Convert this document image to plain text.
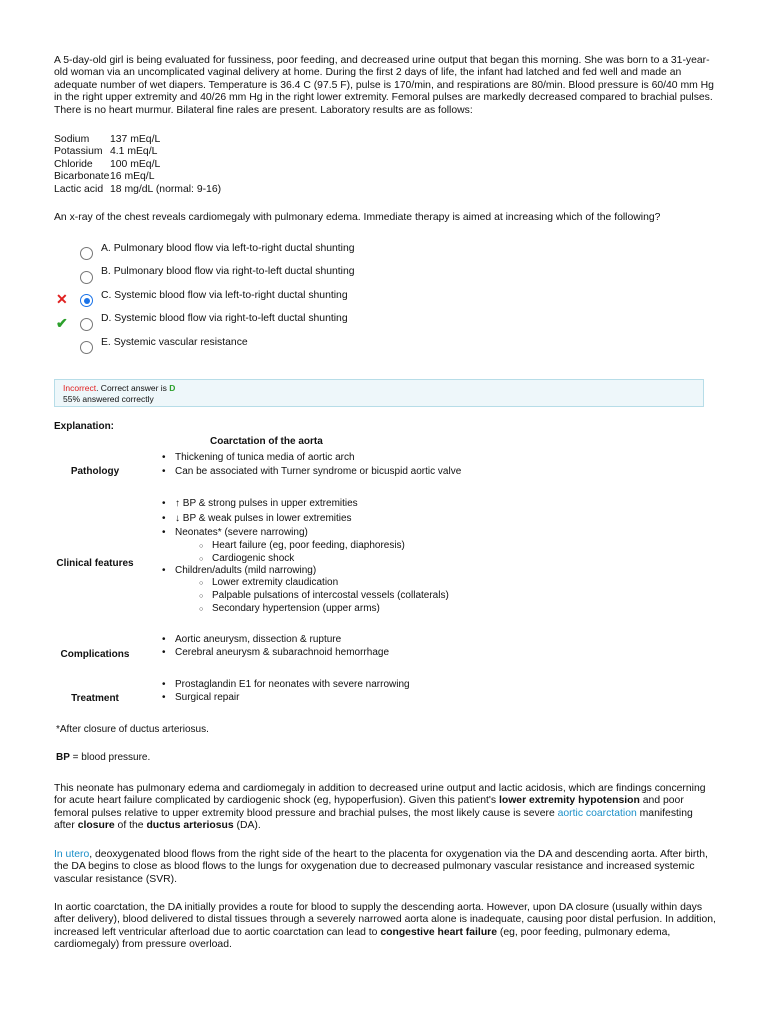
A 5-day-old girl is being evaluated for fussiness, poor feeding, and decreased urine output that began this morning. She was born to a 31-year-old woman via an uncomplicated vaginal delivery at home. During the first 2 days of life, the infant had latched and fed well and made an adequate number of wet diapers. Temperature is 36.4 C (97.5 F), pulse is 170/min, and respirations are 80/min. Blood pressure is 60/40 mm Hg in the right upper extremity and 40/26 mm Hg in the right lower extremity. Femoral pulses are markedly decreased compared to brachial pulses. There is no heart murmur. Bilateral fine rales are present. Laboratory results are as follows:
Sodium	137 mEq/L
Potassium 4.1 mEq/L
Chloride	100 mEq/L
Bicarbonate 16 mEq/L
Lactic acid 18 mg/dL (normal: 9-16)
An x-ray of the chest reveals cardiomegaly with pulmonary edema. Immediate therapy is aimed at increasing which of the following?
A. Pulmonary blood flow via left-to-right ductal shunting
B. Pulmonary blood flow via right-to-left ductal shunting
✕	C. Systemic blood flow via left-to-right ductal shunting
✔	D. Systemic blood flow via right-to-left ductal shunting
E. Systemic vascular resistance
Incorrect. Correct answer is D
55% answered correctly
Explanation:
Coarctation of the aorta
Pathology
• Thickening of tunica media of aortic arch
• Can be associated with Turner syndrome or bicuspid aortic valve
Clinical features
• ↑ BP & strong pulses in upper extremities
• ↓ BP & weak pulses in lower extremities
• Neonates* (severe narrowing)
○ Heart failure (eg, poor feeding, diaphoresis)
○ Cardiogenic shock
• Children/adults (mild narrowing)
○ Lower extremity claudication
○ Palpable pulsations of intercostal vessels (collaterals)
○ Secondary hypertension (upper arms)
Complications
• Aortic aneurysm, dissection & rupture
• Cerebral aneurysm & subarachnoid hemorrhage
Treatment
• Prostaglandin E1 for neonates with severe narrowing
• Surgical repair
*After closure of ductus arteriosus.
BP = blood pressure.
This neonate has pulmonary edema and cardiomegaly in addition to decreased urine output and lactic acidosis, which are findings concerning for acute heart failure complicated by cardiogenic shock (eg, hypoperfusion). Given this patient's lower extremity hypotension and poor femoral pulses relative to upper extremity blood pressure and brachial pulses, the most likely cause is severe aortic coarctation manifesting after closure of the ductus arteriosus (DA).
In utero, deoxygenated blood flows from the right side of the heart to the placenta for oxygenation via the DA and descending aorta. After birth, the DA begins to close as blood flows to the lungs for oxygenation due to decreased pulmonary vascular resistance and increased systemic vascular resistance (SVR).
In aortic coarctation, the DA initially provides a route for blood to supply the descending aorta. However, upon DA closure (usually within days after delivery), blood delivered to distal tissues through a severely narrowed aorta alone is inadequate, causing poor distal perfusion. In addition, increased left ventricular afterload due to aortic coarctation can lead to congestive heart failure (eg, poor feeding, pulmonary edema, cardiomegaly) from pressure overload.
